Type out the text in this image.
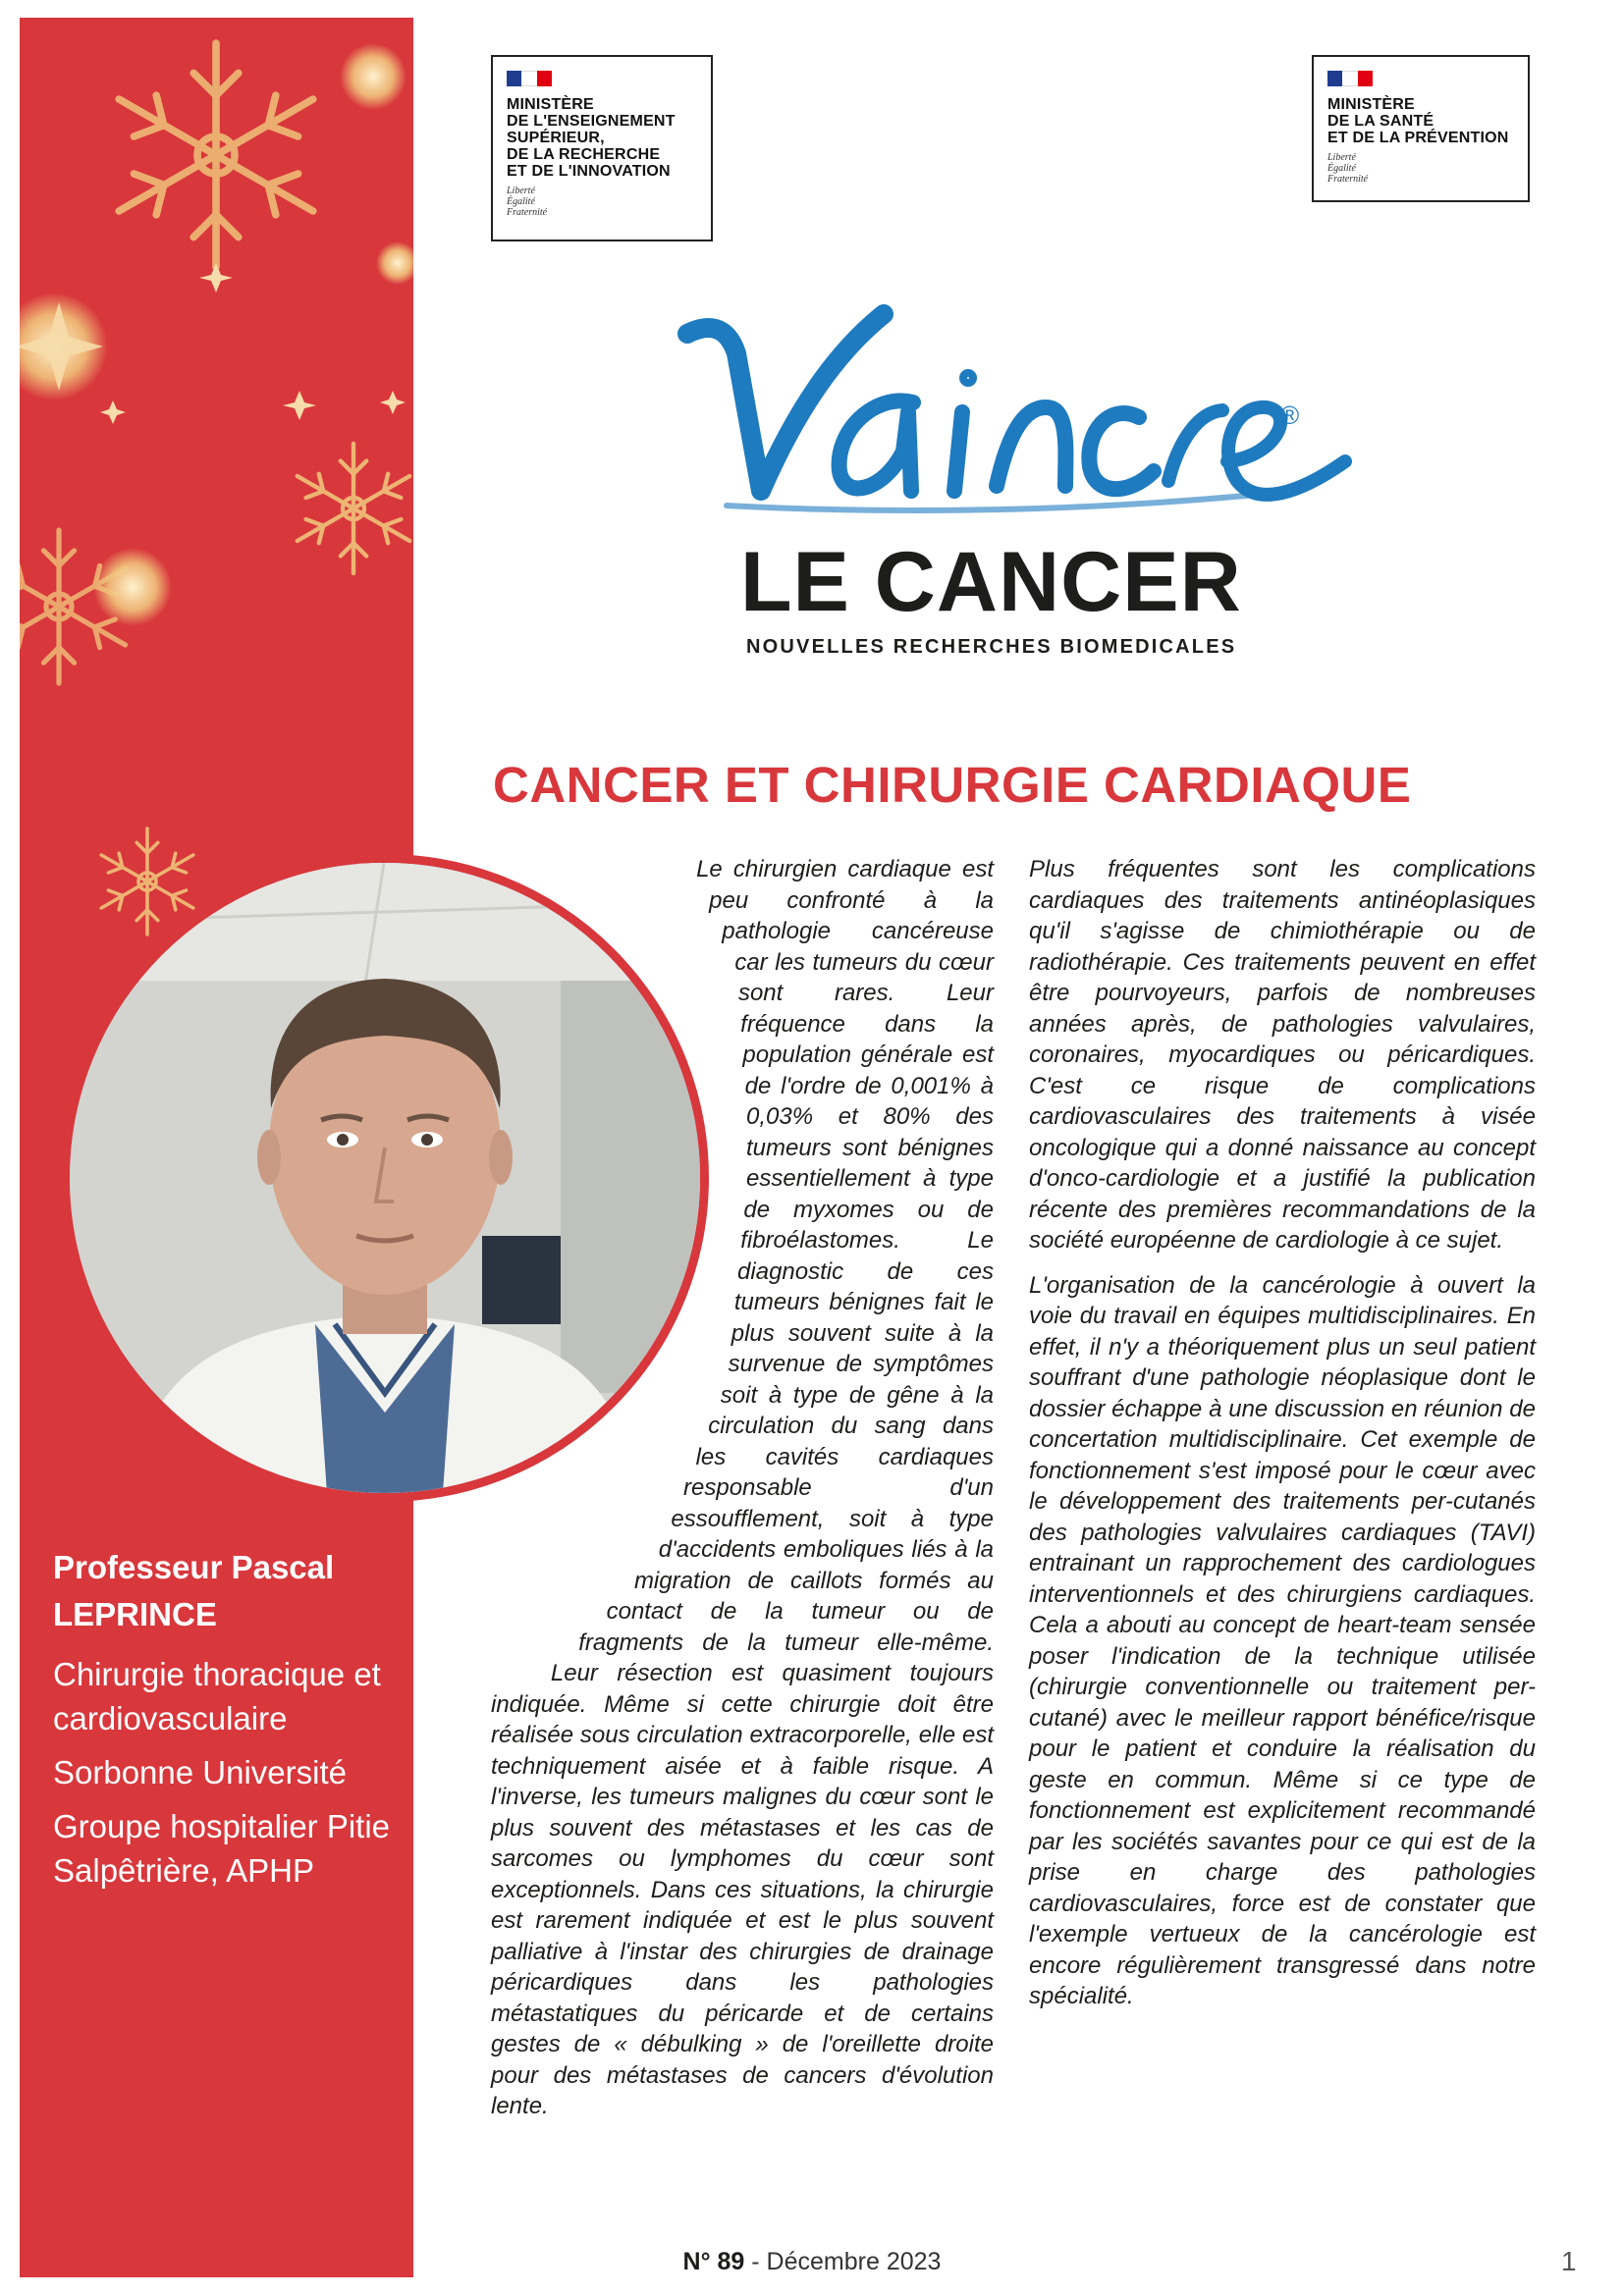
Professeur Pascal LEPRINCE
Chirurgie thoracique et cardiovasculaire
Sorbonne Université
Groupe hospitalier Pitie Salpêtrière, APHP
MINISTÈRE
DE L'ENSEIGNEMENT
SUPÉRIEUR,
DE LA RECHERCHE
ET DE L'INNOVATION
Liberté
Égalité
Fraternité
MINISTÈRE
DE LA SANTÉ
ET DE LA PRÉVENTION
Liberté
Égalité
Fraternité
®
LE CANCER
NOUVELLES RECHERCHES BIOMEDICALES
CANCER ET CHIRURGIE CARDIAQUE

Le chirurgien cardiaque est peu confronté à la pathologie cancéreuse car les tumeurs du cœur sont rares. Leur fréquence dans la population générale est de l'ordre de 0,001% à 0,03% et 80% des tumeurs sont bénignes essentiellement à type de myxomes ou de fibroélastomes. Le diagnostic de ces tumeurs bénignes fait le plus souvent suite à la survenue de symptômes soit à type de gêne à la circulation du sang dans les cavités cardiaques responsable d'un essoufflement, soit à type d'accidents emboliques liés à la migration de caillots formés au contact de la tumeur ou de fragments de la tumeur elle-même. Leur résection est quasiment toujours indiquée. Même si cette chirurgie doit être réalisée sous circulation extracorporelle, elle est techniquement aisée et à faible risque. A l'inverse, les tumeurs malignes du cœur sont le plus souvent des métastases et les cas de sarcomes ou lymphomes du cœur sont exceptionnels. Dans ces situations, la chirurgie est rarement indiquée et est le plus souvent palliative à l'instar des chirurgies de drainage péricardiques dans les pathologies métastatiques du péricarde et de certains gestes de « débulking » de l'oreillette droite pour des métastases de cancers d'évolution lente.

Plus fréquentes sont les complications cardiaques des traitements antinéoplasiques qu'il s'agisse de chimiothérapie ou de radiothérapie. Ces traitements peuvent en effet être pourvoyeurs, parfois de nombreuses années après, de pathologies valvulaires, coronaires, myocardiques ou péricardiques. C'est ce risque de complications cardiovasculaires des traitements à visée oncologique qui a donné naissance au concept d'onco-cardiologie et a justifié la publication récente des premières recommandations de la société européenne de cardiologie à ce sujet.

L'organisation de la cancérologie à ouvert la voie du travail en équipes multidisciplinaires. En effet, il n'y a théoriquement plus un seul patient souffrant d'une pathologie néoplasique dont le dossier échappe à une discussion en réunion de concertation multidisciplinaire. Cet exemple de fonctionnement s'est imposé pour le cœur avec le développement des traitements per-cutanés des pathologies valvulaires cardiaques (TAVI) entrainant un rapprochement des cardiologues interventionnels et des chirurgiens cardiaques. Cela a abouti au concept de heart-team sensée poser l'indication de la technique utilisée (chirurgie conventionnelle ou traitement per-cutané) avec le meilleur rapport bénéfice/risque pour le patient et conduire la réalisation du geste en commun. Même si ce type de fonctionnement est explicitement recommandé par les sociétés savantes pour ce qui est de la prise en charge des pathologies cardiovasculaires, force est de constater que l'exemple vertueux de la cancérologie est encore régulièrement transgressé dans notre spécialité.

N° 89 - Décembre 2023	1
